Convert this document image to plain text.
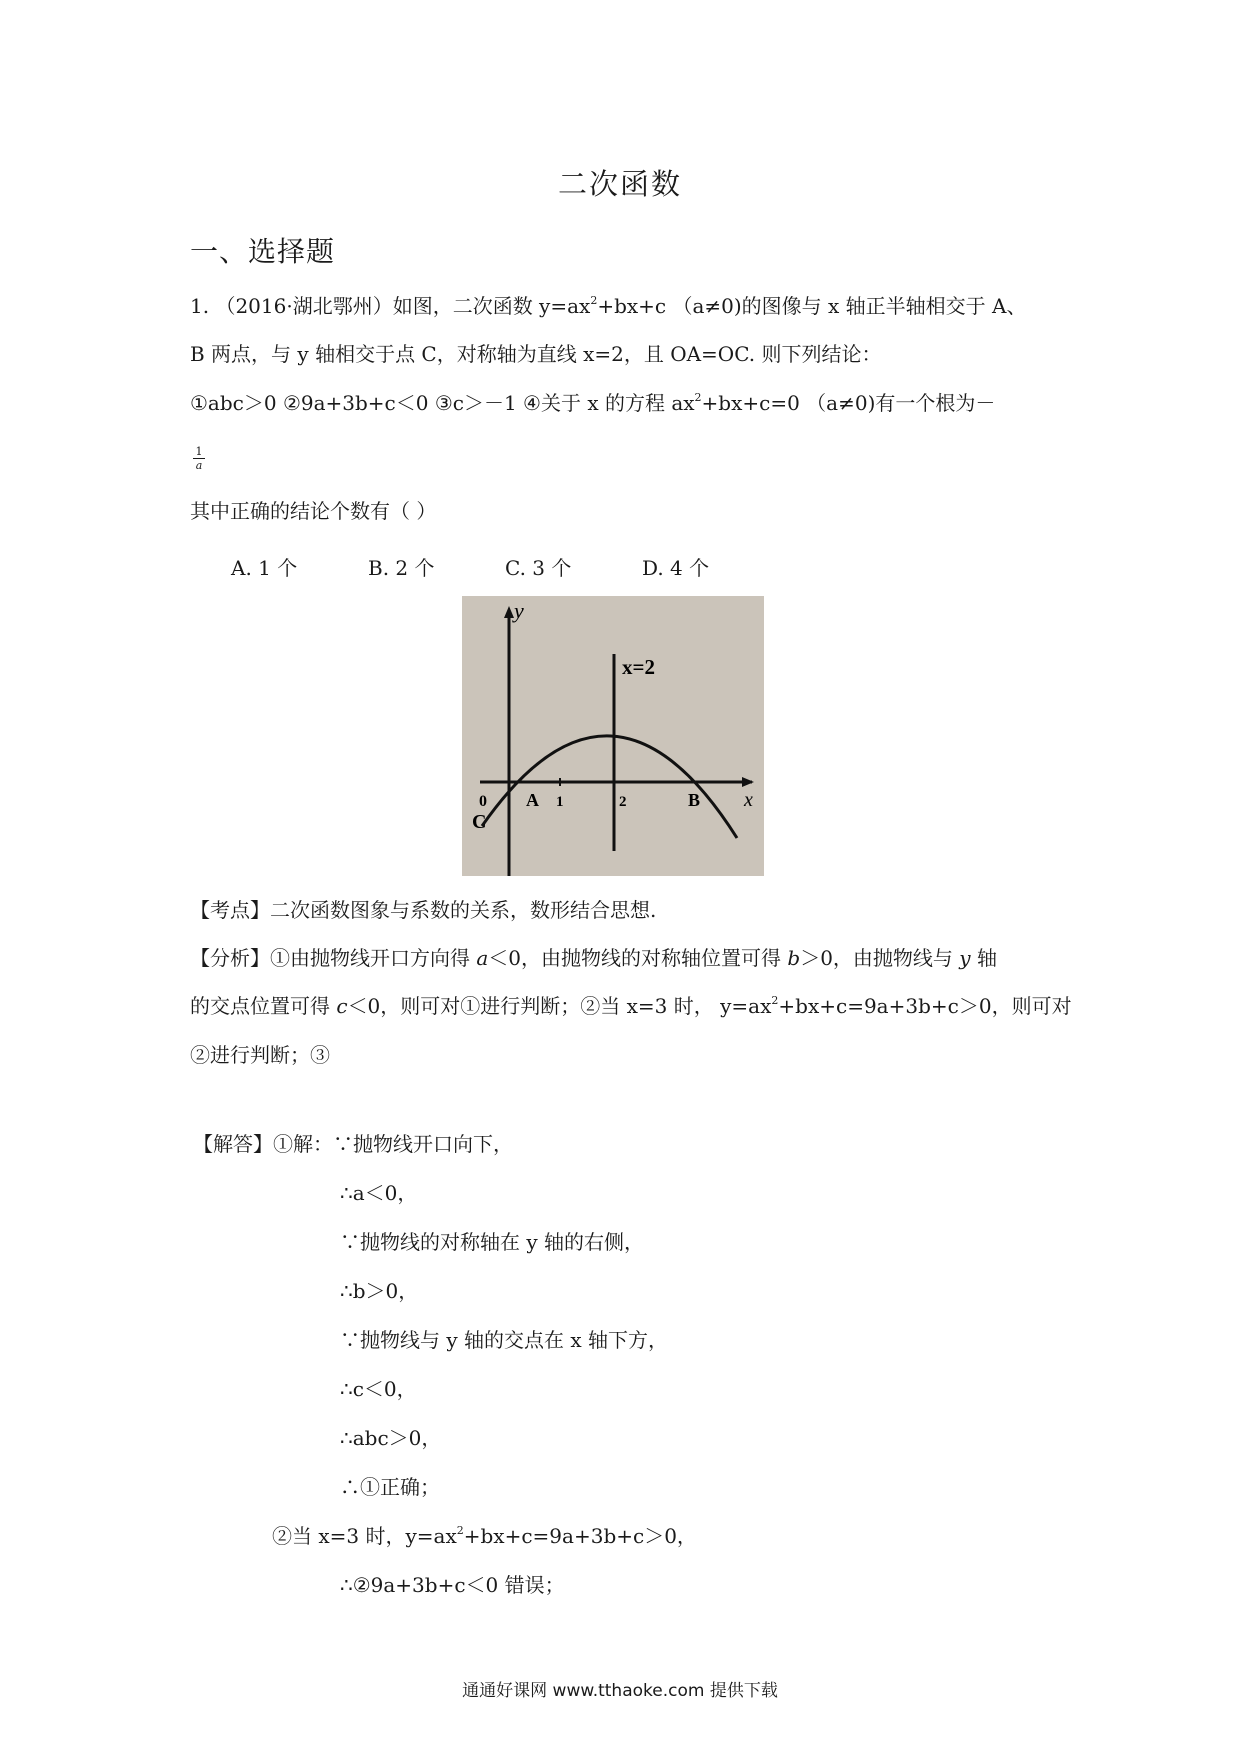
二次函数
一、选择题
1. （2016·湖北鄂州）如图，二次函数 $y=ax^2+bx+c$ （a≠0)的图像与 x 轴正半轴相交于 A、
B 两点，与 y 轴相交于点 C，对称轴为直线 x=2，且 OA=OC. 则下列结论：
①abc＞0 ②9a+3b+c＜0 ③c＞－1 ④关于 x 的方程 $ax^2+bx+c=0$ （a≠0)有一个根为－
1
a
其中正确的结论个数有（ ）
A. 1 个	B. 2 个	C. 3 个	D. 4 个
y
x
x=2
0
C
A 1	2	B
【考点】二次函数图象与系数的关系，数形结合思想.
【分析】①由抛物线开口方向得 a＜0，由抛物线的对称轴位置可得 b＞0，由抛物线与 y 轴
的交点位置可得 c＜0，则可对①进行判断；②当 x=3 时， $y=ax^2+bx+c=9a+3b+c>0$，则可对
②进行判断；③
【解答】①解：∵抛物线开口向下，
∴a＜0，
∵抛物线的对称轴在 y 轴的右侧，
∴b＞0，
∵抛物线与 y 轴的交点在 x 轴下方，
∴c＜0，
∴abc＞0，
∴①正确；
②当 x=3 时，$y=ax^2+bx+c=9a+3b+c>0$，
∴②9a+3b+c＜0 错误；
通通好课网 www.tthaoke.com 提供下载
